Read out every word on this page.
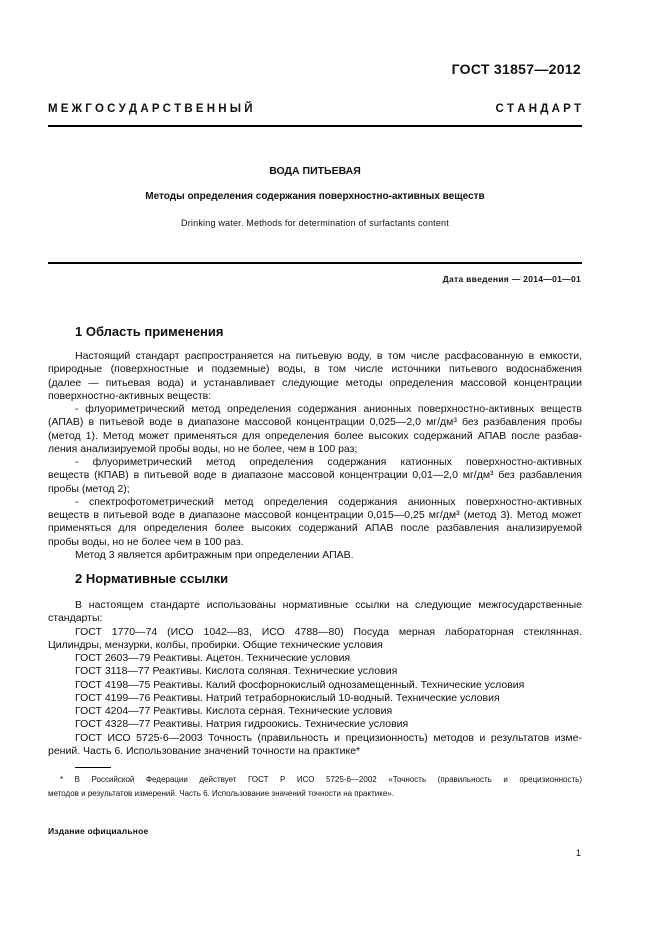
ГОСТ 31857—2012
М Е Ж Г О С У Д А Р С Т В Е Н Н Ы Й	С Т А Н Д А Р Т
ВОДА ПИТЬЕВАЯ
Методы определения содержания поверхностно-активных веществ
Drinking water. Methods for determination of surfactants content
Дата введения — 2014—01—01
1 Область применения
Настоящий стандарт распространяется на питьевую воду, в том числе расфасованную в емкости,
природные (поверхностные и подземные) воды, в том числе источники питьевого водоснабжения
(далее — питьевая вода) и устанавливает следующие методы определения массовой концентрации
поверхностно-активных веществ:
- флуориметрический метод определения содержания анионных поверхностно-активных веществ
(АПАВ) в питьевой воде в диапазоне массовой концентрации 0,025—2,0 мг/дм³ без разбавления пробы
(метод 1). Метод может применяться для определения более высоких содержаний АПАВ после разбав-
ления анализируемой пробы воды, но не более, чем в 100 раз;
- флуориметрический метод определения содержания катионных поверхностно-активных
веществ (КПАВ) в питьевой воде в диапазоне массовой концентрации 0,01—2,0 мг/дм³ без разбавления
пробы (метод 2);
- спектрофотометрический метод определения содержания анионных поверхностно-активных
веществ в питьевой воде в диапазоне массовой концентрации 0,015—0,25 мг/дм³ (метод 3). Метод может
применяться для определения более высоких содержаний АПАВ после разбавления анализируемой
пробы воды, но не более чем в 100 раз.
Метод 3 является арбитражным при определении АПАВ.
2 Нормативные ссылки
В настоящем стандарте использованы нормативные ссылки на следующие межгосударственные
стандарты:
ГОСТ 1770—74 (ИСО 1042—83, ИСО 4788—80) Посуда мерная лабораторная стеклянная.
Цилиндры, мензурки, колбы, пробирки. Общие технические условия
ГОСТ 2603—79 Реактивы. Ацетон. Технические условия
ГОСТ 3118—77 Реактивы. Кислота соляная. Технические условия
ГОСТ 4198—75 Реактивы. Калий фосфорнокислый однозамещенный. Технические условия
ГОСТ 4199—76 Реактивы. Натрий тетраборнокислый 10-водный. Технические условия
ГОСТ 4204—77 Реактивы. Кислота серная. Технические условия
ГОСТ 4328—77 Реактивы. Натрия гидроокись. Технические условия
ГОСТ ИСО 5725-6—2003 Точность (правильность и прецизионность) методов и результатов изме-
рений. Часть 6. Использование значений точности на практике*
* В Российской Федерации действует ГОСТ Р ИСО 5725-6—2002 «Точность (правильность и прецизионность)
методов и результатов измерений. Часть 6. Использование значений точности на практике».
Издание официальное
1
